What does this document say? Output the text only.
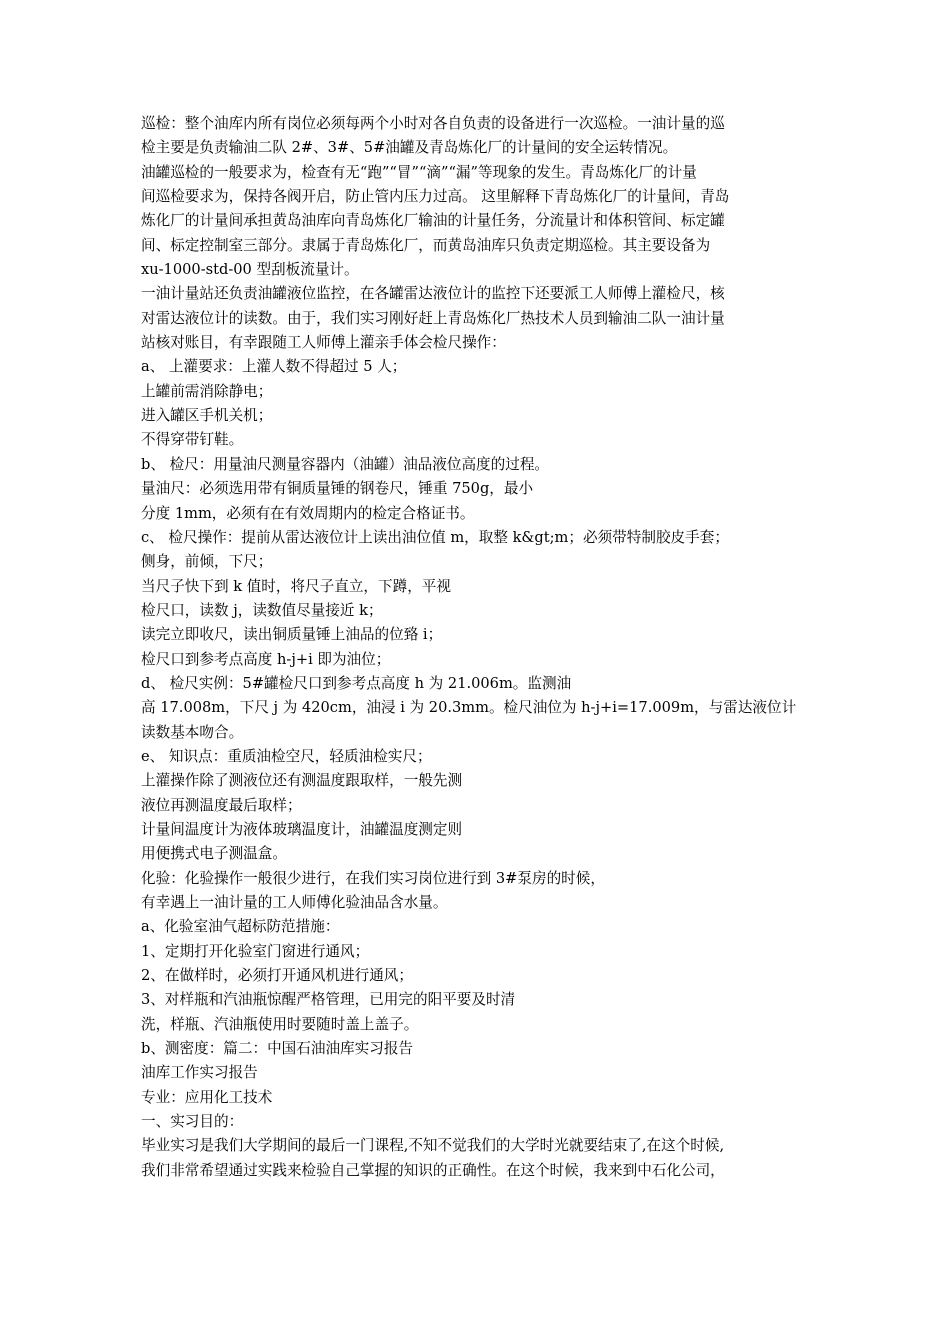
巡检：整个油库内所有岗位必须每两个小时对各自负责的设备进行一次巡检。一油计量的巡
检主要是负责输油二队 2#、3#、5#油罐及青岛炼化厂的计量间的安全运转情况。
油罐巡检的一般要求为，检查有无“跑”“冒”“滴”“漏”等现象的发生。青岛炼化厂的计量
间巡检要求为，保持各阀开启，防止管内压力过高。 这里解释下青岛炼化厂的计量间，青岛
炼化厂的计量间承担黄岛油库向青岛炼化厂输油的计量任务，分流量计和体积管间、标定罐
间、标定控制室三部分。隶属于青岛炼化厂，而黄岛油库只负责定期巡检。其主要设备为
xu-1000-std-00 型刮板流量计。
一油计量站还负责油罐液位监控，在各罐雷达液位计的监控下还要派工人师傅上灌检尺，核
对雷达液位计的读数。由于，我们实习刚好赶上青岛炼化厂热技术人员到输油二队一油计量
站核对账目，有幸跟随工人师傅上灌亲手体会检尺操作：
a、 上灌要求：上灌人数不得超过 5 人；
上罐前需消除静电；
进入罐区手机关机；
不得穿带钉鞋。
b、 检尺：用量油尺测量容器内（油罐）油品液位高度的过程。
量油尺：必须选用带有铜质量锤的钢卷尺，锤重 750g，最小
分度 1mm，必须有在有效周期内的检定合格证书。
c、 检尺操作：提前从雷达液位计上读出油位值 m，取整 k&gt;m；必须带特制胶皮手套；
侧身，前倾，下尺；
当尺子快下到 k 值时，将尺子直立，下蹲，平视
检尺口，读数 j，读数值尽量接近 k；
读完立即收尺，读出铜质量锤上油品的位臵 i；
检尺口到参考点高度 h-j+i 即为油位；
d、 检尺实例：5#罐检尺口到参考点高度 h 为 21.006m。监测油
高 17.008m，下尺 j 为 420cm，油浸 i 为 20.3mm。检尺油位为 h-j+i=17.009m，与雷达液位计
读数基本吻合。
e、 知识点：重质油检空尺，轻质油检实尺；
上灌操作除了测液位还有测温度跟取样，一般先测
液位再测温度最后取样；
计量间温度计为液体玻璃温度计，油罐温度测定则
用便携式电子测温盒。
化验：化验操作一般很少进行，在我们实习岗位进行到 3#泵房的时候，
有幸遇上一油计量的工人师傅化验油品含水量。
a、化验室油气超标防范措施：
1、定期打开化验室门窗进行通风；
2、在做样时，必须打开通风机进行通风；
3、对样瓶和汽油瓶惊醒严格管理，已用完的阳平要及时清
洗，样瓶、汽油瓶使用时要随时盖上盖子。
b、测密度：篇二：中国石油油库实习报告
油库工作实习报告
专业：应用化工技术
一、实习目的：
毕业实习是我们大学期间的最后一门课程,不知不觉我们的大学时光就要结束了,在这个时候,
我们非常希望通过实践来检验自己掌握的知识的正确性。在这个时候，我来到中石化公司，
